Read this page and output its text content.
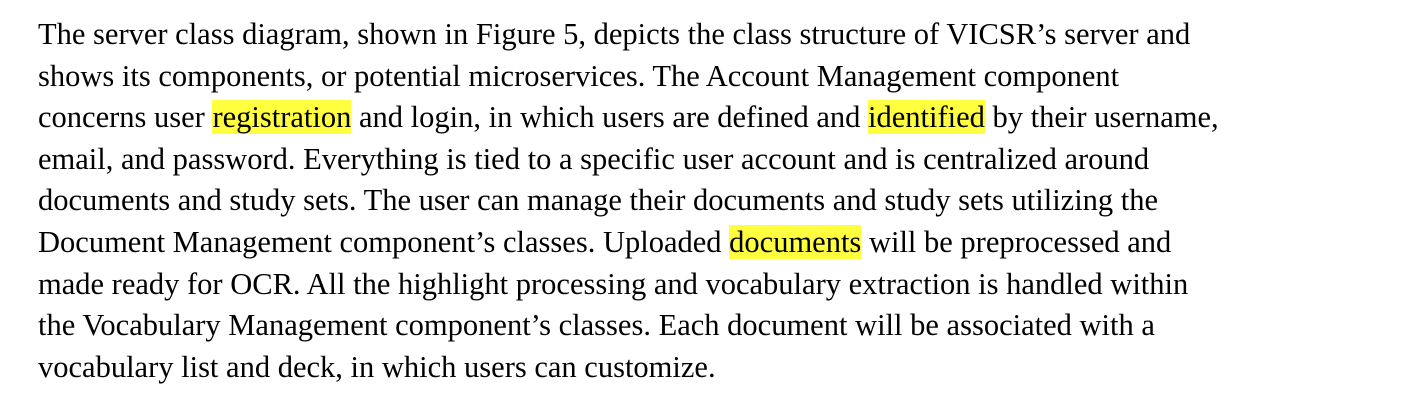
The server class diagram, shown in Figure 5, depicts the class structure of VICSR’s server and
shows its components, or potential microservices. The Account Management component
concerns user registration and login, in which users are defined and identified by their username,
email, and password. Everything is tied to a specific user account and is centralized around
documents and study sets. The user can manage their documents and study sets utilizing the
Document Management component’s classes. Uploaded documents will be preprocessed and
made ready for OCR. All the highlight processing and vocabulary extraction is handled within
the Vocabulary Management component’s classes. Each document will be associated with a
vocabulary list and deck, in which users can customize.
